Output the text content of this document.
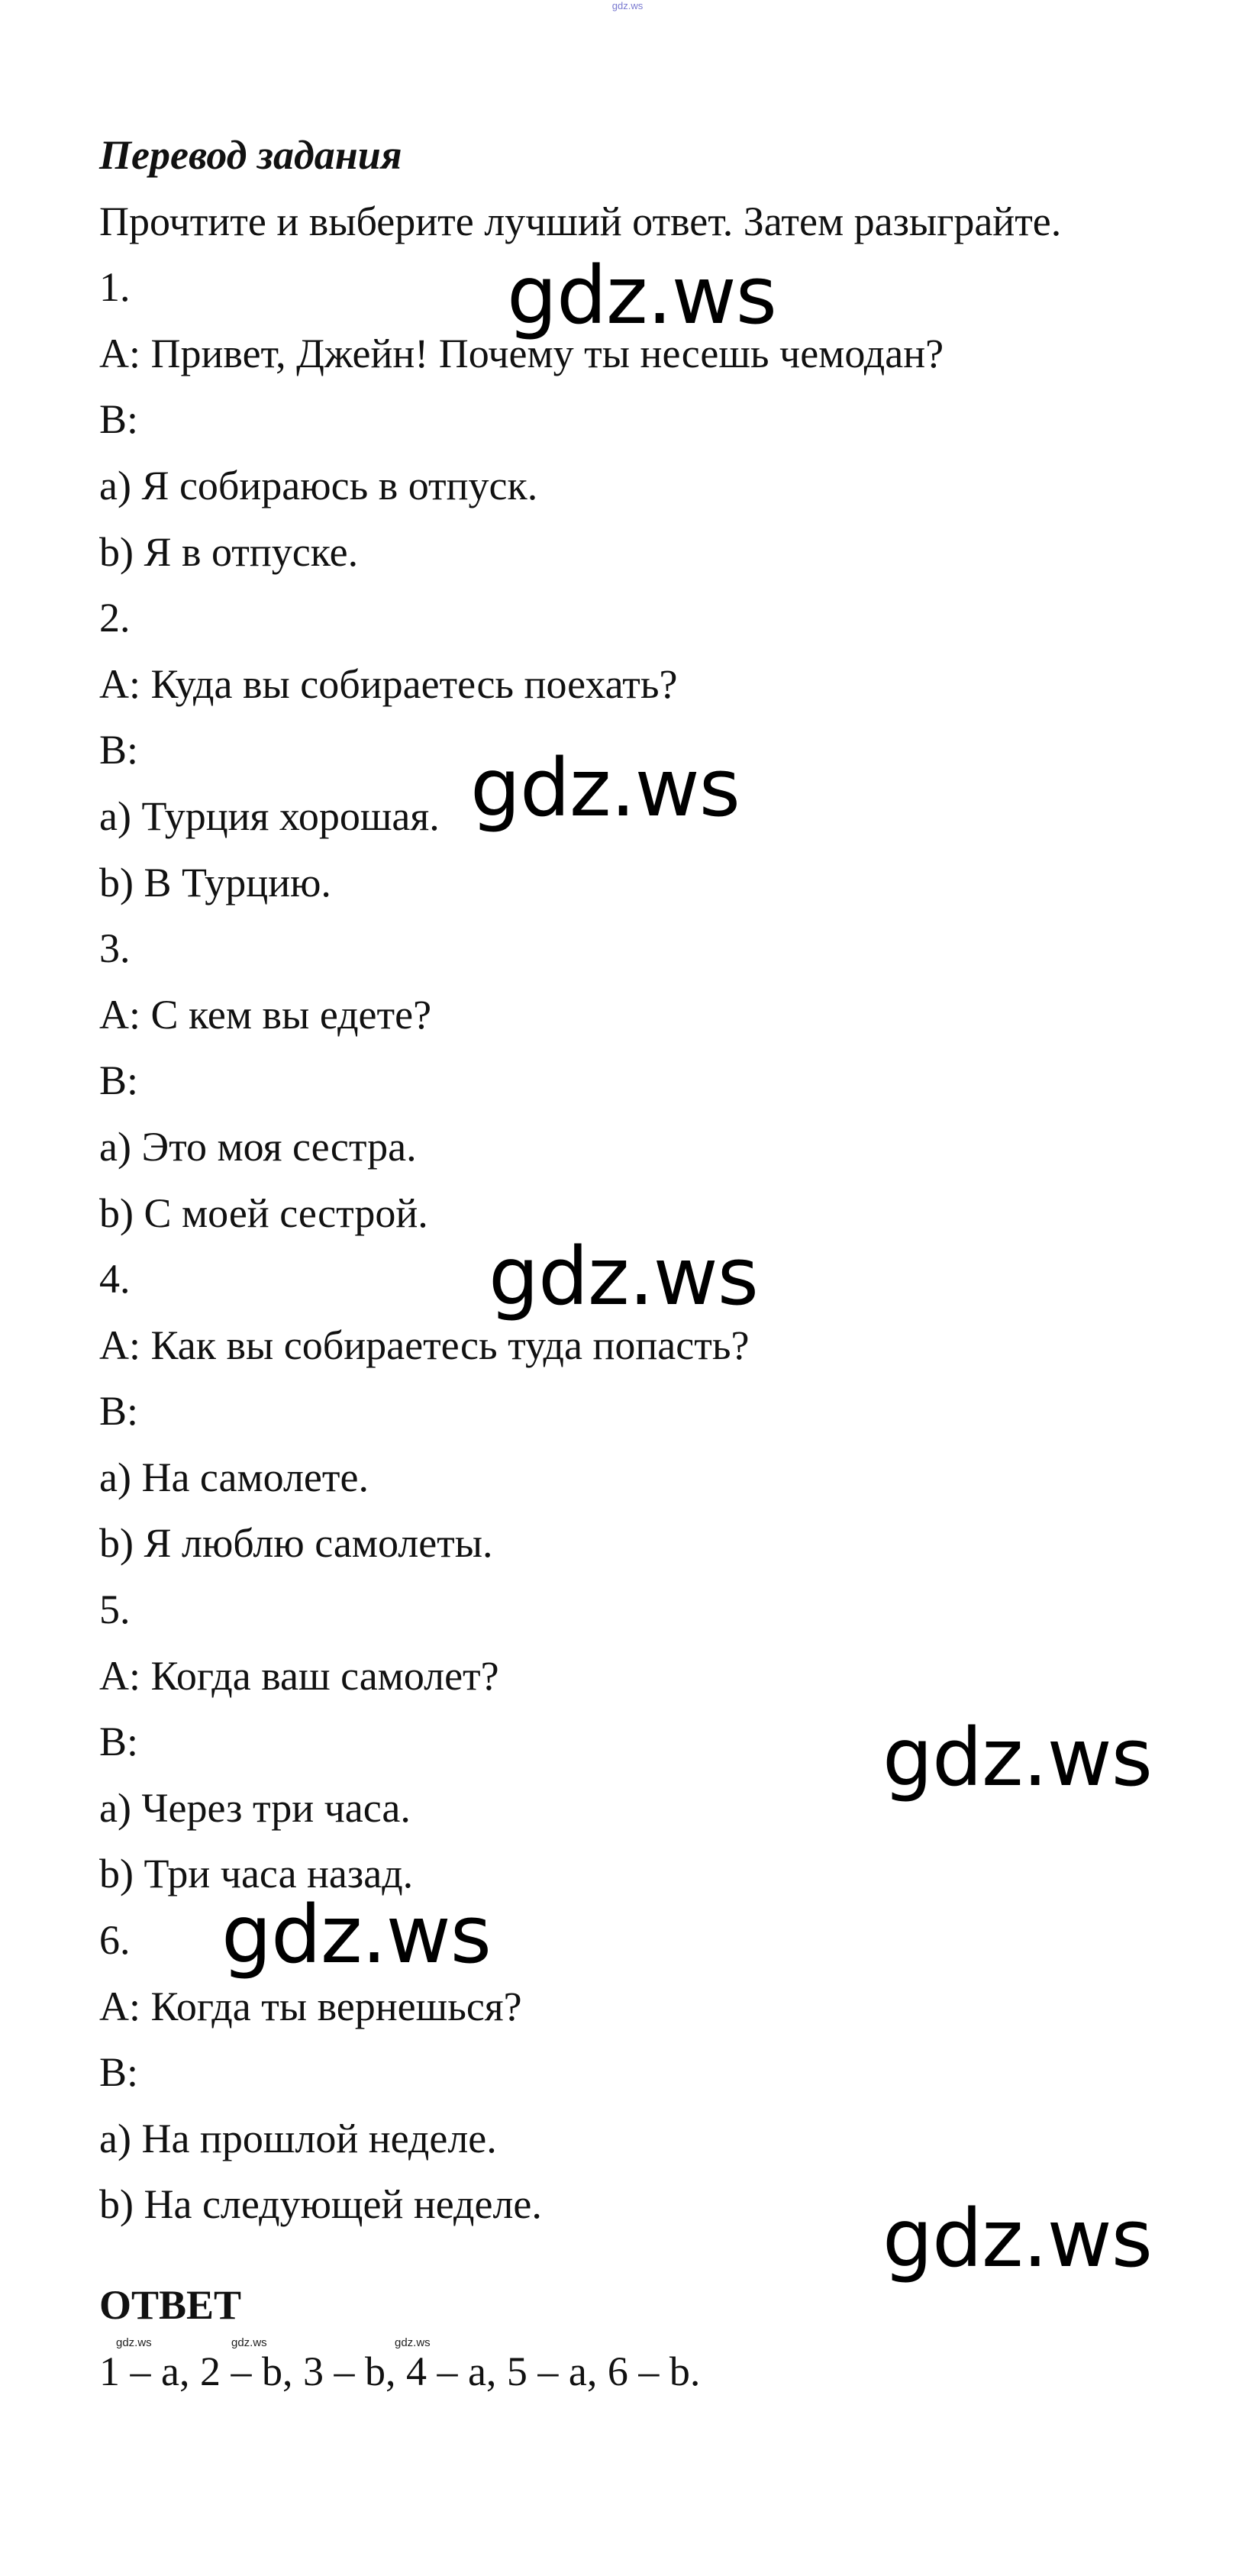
gdz.ws
Перевод задания
Прочтите и выберите лучший ответ. Затем разыграйте.
1.
A: Привет, Джейн! Почему ты несешь чемодан?
B:
a) Я собираюсь в отпуск.
b) Я в отпуске.
2.
A: Куда вы собираетесь поехать?
B:
a) Турция хорошая.
b) В Турцию.
3.
A: С кем вы едете?
B:
a) Это моя сестра.
b) С моей сестрой.
4.
A: Как вы собираетесь туда попасть?
B:
a) На самолете.
b) Я люблю самолеты.
5.
A: Когда ваш самолет?
B:
a) Через три часа.
b) Три часа назад.
6.
A: Когда ты вернешься?
B:
a) На прошлой неделе.
b) На следующей неделе.
ОТВЕТ
1 – a, 2 – b, 3 – b, 4 – a, 5 – a, 6 – b.
gdz.ws	gdz.ws	gdz.ws
gdz.ws
gdz.ws
gdz.ws
gdz.ws
gdz.ws
gdz.ws
